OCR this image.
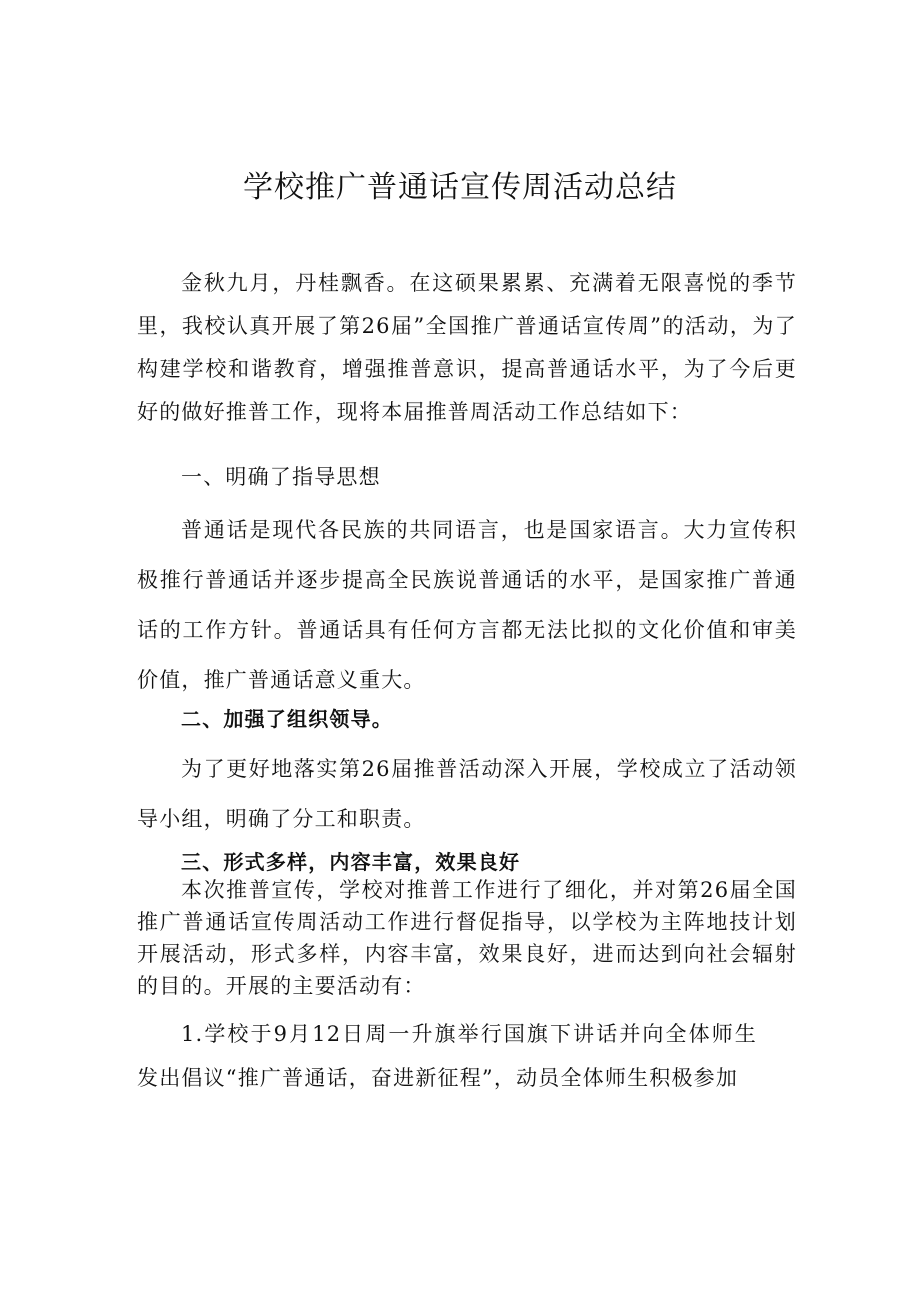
学校推广普通话宣传周活动总结

金秋九月，丹桂飘香。在这硕果累累、充满着无限喜悦的季节里，我校认真开展了第26届”全国推广普通话宣传周”的活动，为了构建学校和谐教育，增强推普意识，提高普通话水平，为了今后更好的做好推普工作，现将本届推普周活动工作总结如下：

一、明确了指导思想

普通话是现代各民族的共同语言，也是国家语言。大力宣传积极推行普通话并逐步提高全民族说普通话的水平，是国家推广普通话的工作方针。普通话具有任何方言都无法比拟的文化价值和审美价值，推广普通话意义重大。

二、加强了组织领导。

为了更好地落实第26届推普活动深入开展，学校成立了活动领导小组，明确了分工和职责。

三、形式多样，内容丰富，效果良好

本次推普宣传，学校对推普工作进行了细化，并对第26届全国推广普通话宣传周活动工作进行督促指导，以学校为主阵地技计划开展活动，形式多样，内容丰富，效果良好，进而达到向社会辐射的目的。开展的主要活动有：

1.学校于9月12日周一升旗举行国旗下讲话并向全体师生发出倡议“推广普通话，奋进新征程”，动员全体师生积极参加
